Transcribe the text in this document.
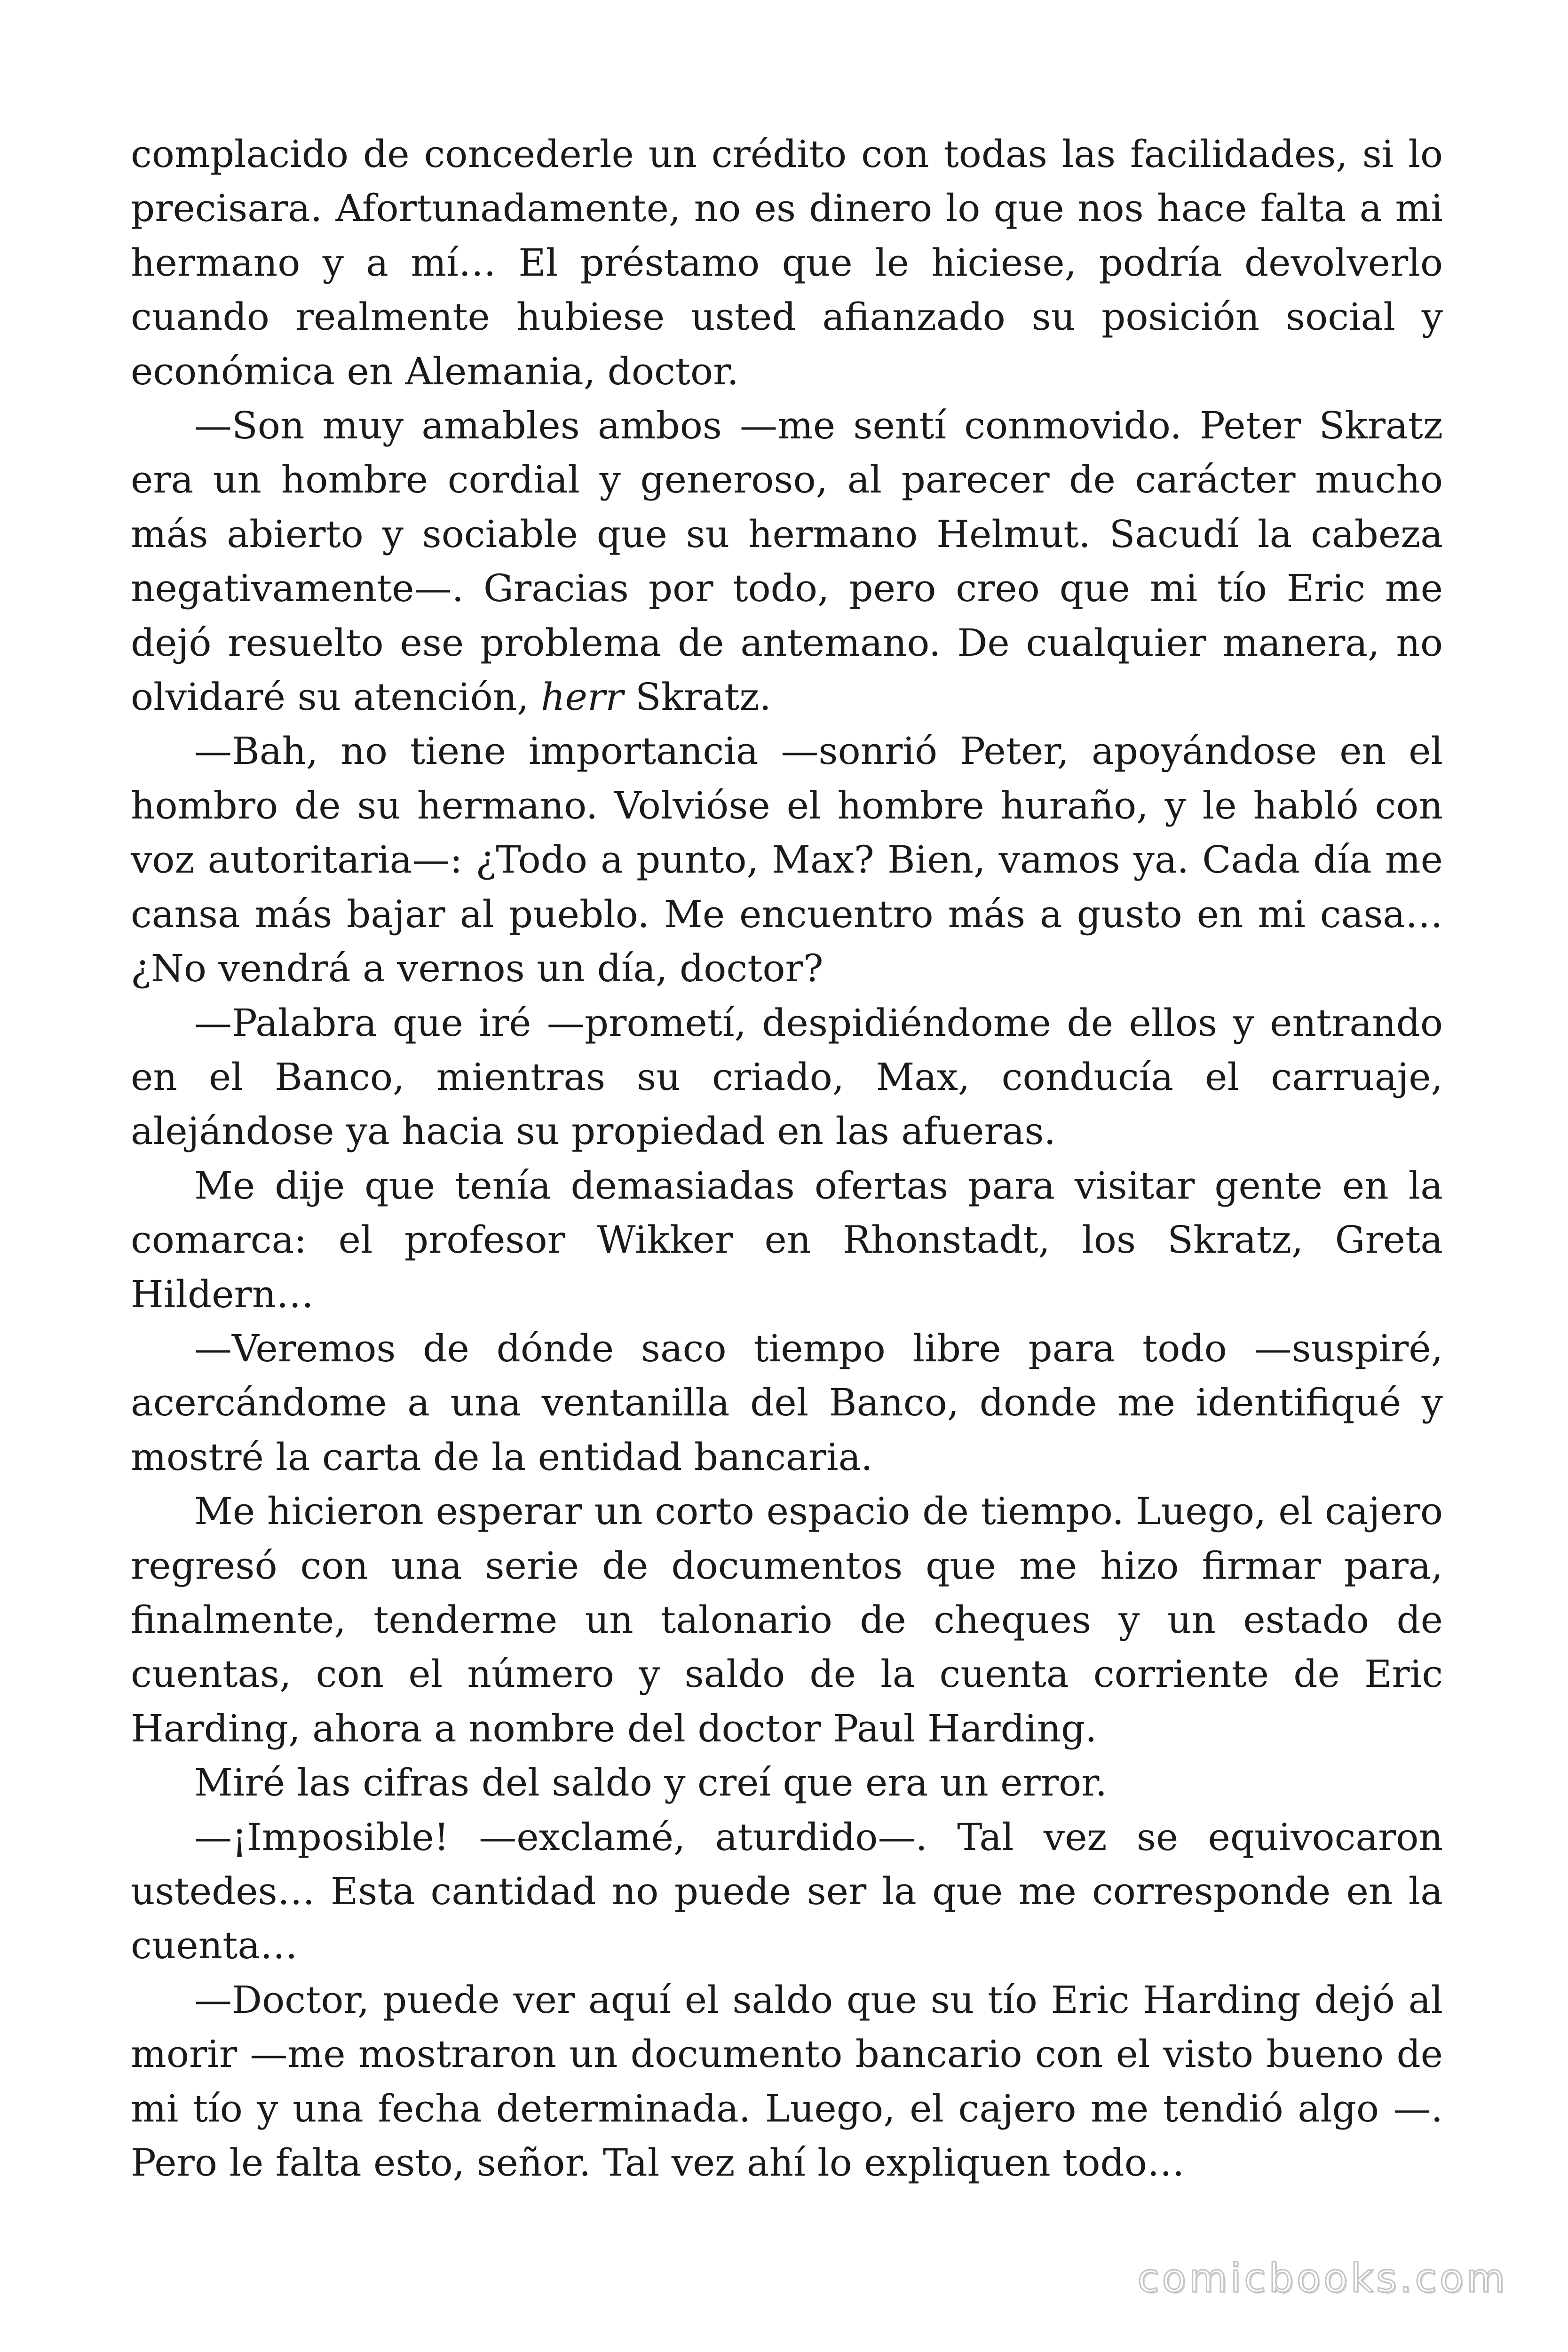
complacido de concederle un crédito con todas las facilidades, si lo precisara. Afortunadamente, no es dinero lo que nos hace falta a mi hermano y a mí… El préstamo que le hiciese, podría devolverlo cuando realmente hubiese usted afianzado su posición social y económica en Alemania, doctor.

—Son muy amables ambos —me sentí conmovido. Peter Skratz era un hombre cordial y generoso, al parecer de carácter mucho más abierto y sociable que su hermano Helmut. Sacudí la cabeza negativamente—. Gracias por todo, pero creo que mi tío Eric me dejó resuelto ese problema de antemano. De cualquier manera, no olvidaré su atención, herr Skratz.

—Bah, no tiene importancia —sonrió Peter, apoyándose en el hombro de su hermano. Volvióse el hombre huraño, y le habló con voz autoritaria—: ¿Todo a punto, Max? Bien, vamos ya. Cada día me cansa más bajar al pueblo. Me encuentro más a gusto en mi casa… ¿No vendrá a vernos un día, doctor?

—Palabra que iré —prometí, despidiéndome de ellos y entrando en el Banco, mientras su criado, Max, conducía el carruaje, alejándose ya hacia su propiedad en las afueras.

Me dije que tenía demasiadas ofertas para visitar gente en la comarca: el profesor Wikker en Rhonstadt, los Skratz, Greta Hildern…

—Veremos de dónde saco tiempo libre para todo —suspiré, acercándome a una ventanilla del Banco, donde me identifiqué y mostré la carta de la entidad bancaria.

Me hicieron esperar un corto espacio de tiempo. Luego, el cajero regresó con una serie de documentos que me hizo firmar para, finalmente, tenderme un talonario de cheques y un estado de cuentas, con el número y saldo de la cuenta corriente de Eric Harding, ahora a nombre del doctor Paul Harding.

Miré las cifras del saldo y creí que era un error.

—¡Imposible! —exclamé, aturdido—. Tal vez se equivocaron ustedes… Esta cantidad no puede ser la que me corresponde en la cuenta…

—Doctor, puede ver aquí el saldo que su tío Eric Harding dejó al morir —me mostraron un documento bancario con el visto bueno de mi tío y una fecha determinada. Luego, el cajero me tendió algo —. Pero le falta esto, señor. Tal vez ahí lo expliquen todo…

comicbooks.com
